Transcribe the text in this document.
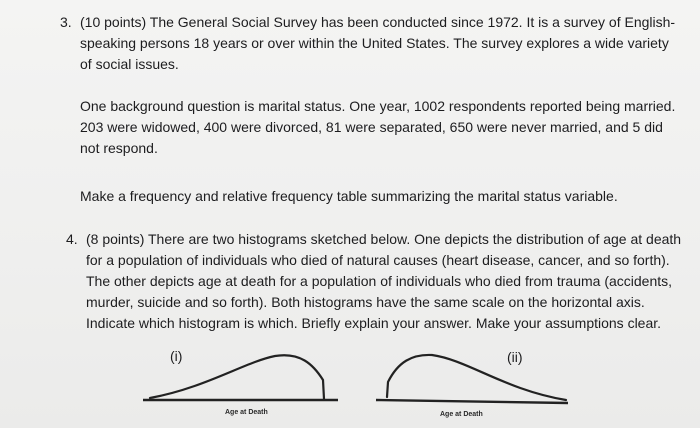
3. (10 points) The General Social Survey has been conducted since 1972. It is a survey of English-speaking persons 18 years or over within the United States. The survey explores a wide variety of social issues.

One background question is marital status. One year, 1002 respondents reported being married. 203 were widowed, 400 were divorced, 81 were separated, 650 were never married, and 5 did not respond.

Make a frequency and relative frequency table summarizing the marital status variable.

4. (8 points) There are two histograms sketched below. One depicts the distribution of age at death for a population of individuals who died of natural causes (heart disease, cancer, and so forth). The other depicts age at death for a population of individuals who died from trauma (accidents, murder, suicide and so forth). Both histograms have the same scale on the horizontal axis. Indicate which histogram is which. Briefly explain your answer. Make your assumptions clear.

(i)	(ii)
Age at Death	Age at Death
